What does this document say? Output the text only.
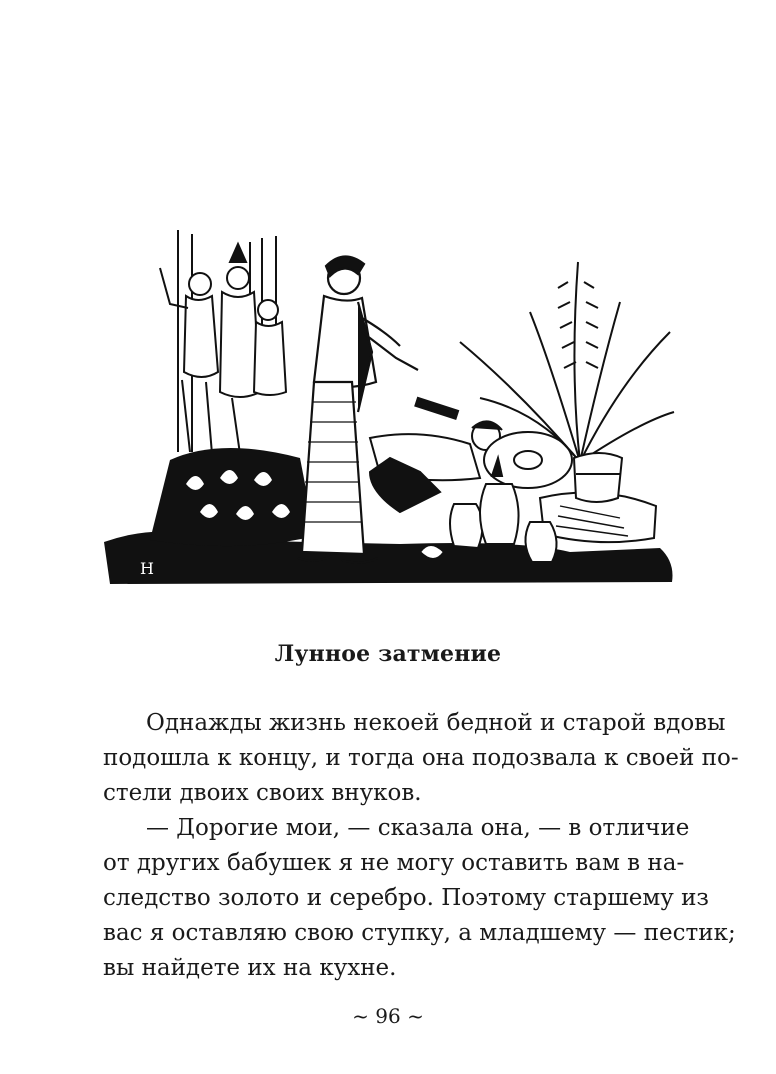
Н
Лунное затмение
Однажды жизнь некоей бедной и старой вдовы
подошла к концу, и тогда она подозвала к своей по-
стели двоих своих внуков.
— Дорогие мои, — сказала она, — в отличие
от других бабушек я не могу оставить вам в на-
следство золото и серебро. Поэтому старшему из
вас я оставляю свою ступку, а младшему — пестик;
вы найдете их на кухне.
~ 96 ~
